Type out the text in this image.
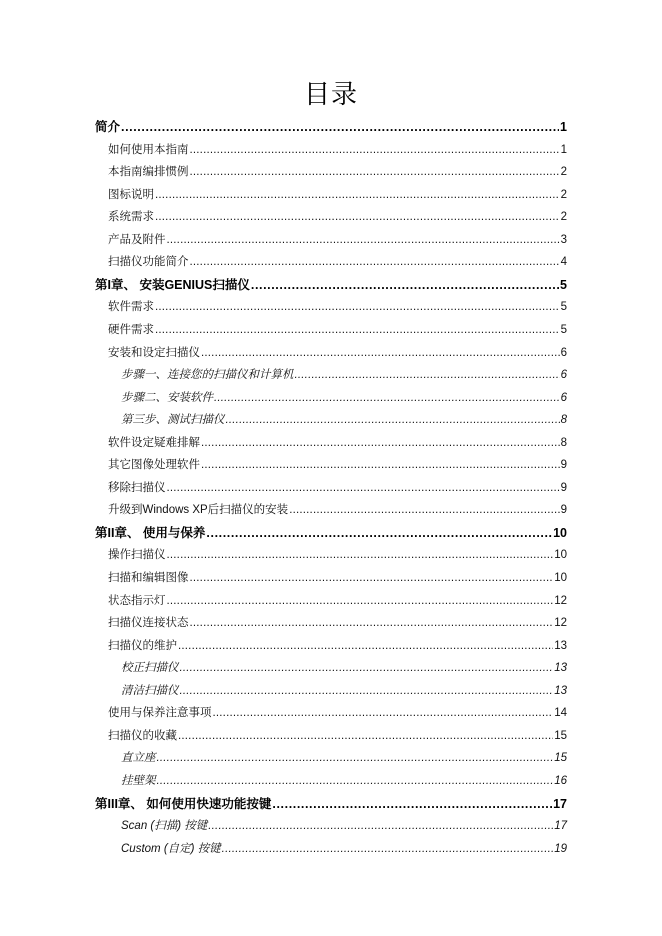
目录
简介 .....	1
如何使用本指南 .....	1
本指南编排惯例 .....	2
图标说明 .....	2
系统需求 .....	2
产品及附件 .....	3
扫描仪功能简介 .....	4
第I章、 安装GENIUS扫描仪 .....	5
软件需求 .....	5
硬件需求 .....	5
安装和设定扫描仪 .....	6
步骤一、连接您的扫描仪和计算机 .....	6
步骤二、安装软件 .....	6
第三步、测试扫描仪 .....	8
软件设定疑难排解 .....	8
其它图像处理软件 .....	9
移除扫描仪 .....	9
升级到Windows XP后扫描仪的安装 .....	9
第II章、 使用与保养 .....	10
操作扫描仪 .....	10
扫描和编辑图像 .....	10
状态指示灯 .....	12
扫描仪连接状态 .....	12
扫描仪的维护 .....	13
校正扫描仪 .....	13
清洁扫描仪 .....	13
使用与保养注意事项 .....	14
扫描仪的收藏 .....	15
直立座 .....	15
挂壁架 .....	16
第III章、 如何使用快速功能按键 .....	17
Scan (扫描) 按键 .....	17
Custom (自定) 按键 .....	19
